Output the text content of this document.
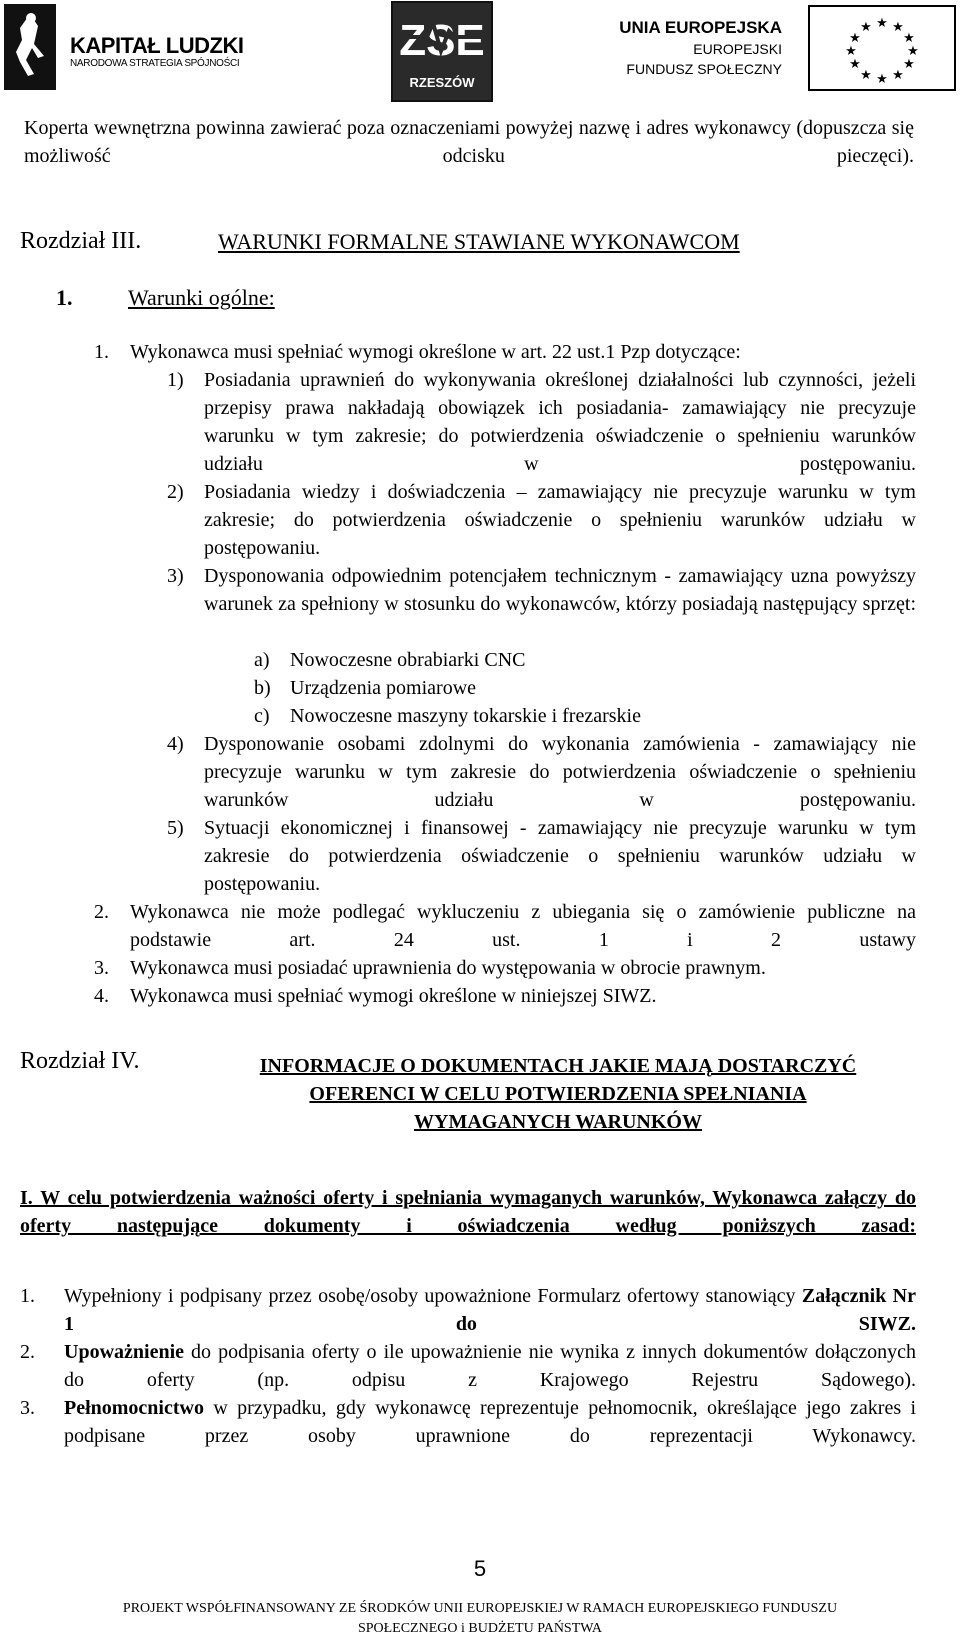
KAPITAŁ LUDZKI
NARODOWA STRATEGIA SPÓJNOŚCI	ZSE
RZESZÓW
UNIA EUROPEJSKA
EUROPEJSKI
FUNDUSZ SPOŁECZNY
★ ★
★
★
★
★
★
★
★
★
★
★
Koperta wewnętrzna powinna zawierać poza oznaczeniami powyżej nazwę i adres wykonawcy (dopuszcza się możliwość odcisku pieczęci).
Rozdział III.	WARUNKI FORMALNE STAWIANE WYKONAWCOM
1.	Warunki ogólne:
1. Wykonawca musi spełniać wymogi określone w art. 22 ust.1 Pzp dotyczące:
1) Posiadania uprawnień do wykonywania określonej działalności lub czynności, jeżeli przepisy prawa nakładają obowiązek ich posiadania- zamawiający nie precyzuje warunku w tym zakresie; do potwierdzenia oświadczenie o spełnieniu warunków udziału w postępowaniu.
2) Posiadania wiedzy i doświadczenia – zamawiający nie precyzuje warunku w tym zakresie; do potwierdzenia oświadczenie o spełnieniu warunków udziału w postępowaniu.
3) Dysponowania odpowiednim potencjałem technicznym - zamawiający uzna powyższy warunek za spełniony w stosunku do wykonawców, którzy posiadają następujący sprzęt:
a) Nowoczesne obrabiarki CNC
b) Urządzenia pomiarowe
c) Nowoczesne maszyny tokarskie i frezarskie
4) Dysponowanie osobami zdolnymi do wykonania zamówienia - zamawiający nie precyzuje warunku w tym zakresie do potwierdzenia oświadczenie o spełnieniu warunków udziału w postępowaniu.
5) Sytuacji ekonomicznej i finansowej - zamawiający nie precyzuje warunku w tym zakresie do potwierdzenia oświadczenie o spełnieniu warunków udziału w postępowaniu.
2. Wykonawca nie może podlegać wykluczeniu z ubiegania się o zamówienie publiczne na podstawie art. 24 ust. 1 i 2 ustawy
3. Wykonawca musi posiadać uprawnienia do występowania w obrocie prawnym.
4. Wykonawca musi spełniać wymogi określone w niniejszej SIWZ.
Rozdział IV.	INFORMACJE O DOKUMENTACH JAKIE MAJĄ DOSTARCZYĆ
OFERENCI W CELU POTWIERDZENIA SPEŁNIANIA
WYMAGANYCH WARUNKÓW
I. W celu potwierdzenia ważności oferty i spełniania wymaganych warunków, Wykonawca załączy do oferty następujące dokumenty i oświadczenia według poniższych zasad:
1. Wypełniony i podpisany przez osobę/osoby upoważnione Formularz ofertowy stanowiący Załącznik Nr 1 do SIWZ.
2. Upoważnienie do podpisania oferty o ile upoważnienie nie wynika z innych dokumentów dołączonych do oferty (np. odpisu z Krajowego Rejestru Sądowego).
3. Pełnomocnictwo w przypadku, gdy wykonawcę reprezentuje pełnomocnik, określające jego zakres i podpisane przez osoby uprawnione do reprezentacji Wykonawcy.
5
PROJEKT WSPÓŁFINANSOWANY ZE ŚRODKÓW UNII EUROPEJSKIEJ W RAMACH EUROPEJSKIEGO FUNDUSZU
SPOŁECZNEGO i BUDŻETU PAŃSTWA
